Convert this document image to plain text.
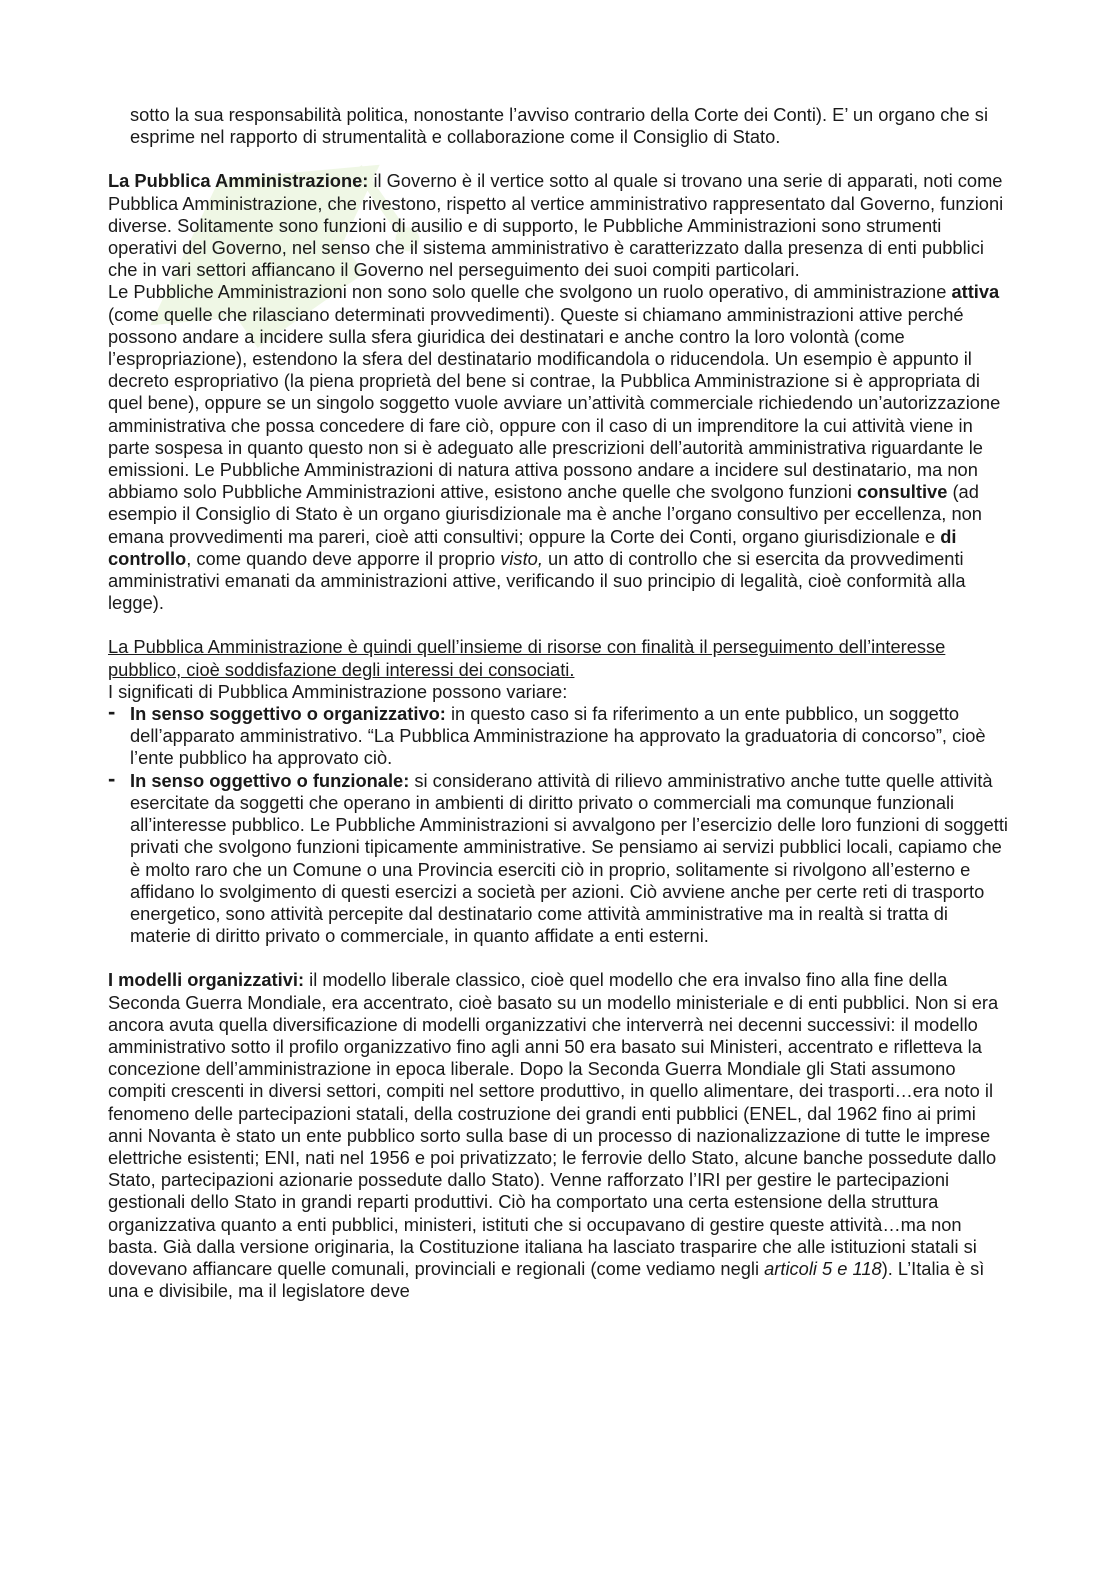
sotto la sua responsabilità politica, nonostante l’avviso contrario della Corte dei Conti). E’ un organo che si esprime nel rapporto di strumentalità e collaborazione come il Consiglio di Stato.

La Pubblica Amministrazione: il Governo è il vertice sotto al quale si trovano una serie di apparati, noti come Pubblica Amministrazione, che rivestono, rispetto al vertice amministrativo rappresentato dal Governo, funzioni diverse. Solitamente sono funzioni di ausilio e di supporto, le Pubbliche Amministrazioni sono strumenti operativi del Governo, nel senso che il sistema amministrativo è caratterizzato dalla presenza di enti pubblici che in vari settori affiancano il Governo nel perseguimento dei suoi compiti particolari.

Le Pubbliche Amministrazioni non sono solo quelle che svolgono un ruolo operativo, di amministrazione attiva (come quelle che rilasciano determinati provvedimenti). Queste si chiamano amministrazioni attive perché possono andare a incidere sulla sfera giuridica dei destinatari e anche contro la loro volontà (come l’espropriazione), estendono la sfera del destinatario modificandola o riducendola. Un esempio è appunto il decreto espropriativo (la piena proprietà del bene si contrae, la Pubblica Amministrazione si è appropriata di quel bene), oppure se un singolo soggetto vuole avviare un’attività commerciale richiedendo un’autorizzazione amministrativa che possa concedere di fare ciò, oppure con il caso di un imprenditore la cui attività viene in parte sospesa in quanto questo non si è adeguato alle prescrizioni dell’autorità amministrativa riguardante le emissioni. Le Pubbliche Amministrazioni di natura attiva possono andare a incidere sul destinatario, ma non abbiamo solo Pubbliche Amministrazioni attive, esistono anche quelle che svolgono funzioni consultive (ad esempio il Consiglio di Stato è un organo giurisdizionale ma è anche l’organo consultivo per eccellenza, non emana provvedimenti ma pareri, cioè atti consultivi; oppure la Corte dei Conti, organo giurisdizionale e di controllo, come quando deve apporre il proprio visto, un atto di controllo che si esercita da provvedimenti amministrativi emanati da amministrazioni attive, verificando il suo principio di legalità, cioè conformità alla legge).

La Pubblica Amministrazione è quindi quell’insieme di risorse con finalità il perseguimento dell’interesse pubblico, cioè soddisfazione degli interessi dei consociati.

I significati di Pubblica Amministrazione possono variare:

- In senso soggettivo o organizzativo: in questo caso si fa riferimento a un ente pubblico, un soggetto dell’apparato amministrativo. “La Pubblica Amministrazione ha approvato la graduatoria di concorso”, cioè l’ente pubblico ha approvato ciò.
- In senso oggettivo o funzionale: si considerano attività di rilievo amministrativo anche tutte quelle attività esercitate da soggetti che operano in ambienti di diritto privato o commerciali ma comunque funzionali all’interesse pubblico. Le Pubbliche Amministrazioni si avvalgono per l’esercizio delle loro funzioni di soggetti privati che svolgono funzioni tipicamente amministrative. Se pensiamo ai servizi pubblici locali, capiamo che è molto raro che un Comune o una Provincia eserciti ciò in proprio, solitamente si rivolgono all’esterno e affidano lo svolgimento di questi esercizi a società per azioni. Ciò avviene anche per certe reti di trasporto energetico, sono attività percepite dal destinatario come attività amministrative ma in realtà si tratta di materie di diritto privato o commerciale, in quanto affidate a enti esterni.

I modelli organizzativi: il modello liberale classico, cioè quel modello che era invalso fino alla fine della Seconda Guerra Mondiale, era accentrato, cioè basato su un modello ministeriale e di enti pubblici. Non si era ancora avuta quella diversificazione di modelli organizzativi che interverrà nei decenni successivi: il modello amministrativo sotto il profilo organizzativo fino agli anni 50 era basato sui Ministeri, accentrato e rifletteva la concezione dell’amministrazione in epoca liberale. Dopo la Seconda Guerra Mondiale gli Stati assumono compiti crescenti in diversi settori, compiti nel settore produttivo, in quello alimentare, dei trasporti…era noto il fenomeno delle partecipazioni statali, della costruzione dei grandi enti pubblici (ENEL, dal 1962 fino ai primi anni Novanta è stato un ente pubblico sorto sulla base di un processo di nazionalizzazione di tutte le imprese elettriche esistenti; ENI, nati nel 1956 e poi privatizzato; le ferrovie dello Stato, alcune banche possedute dallo Stato, partecipazioni azionarie possedute dallo Stato). Venne rafforzato l’IRI per gestire le partecipazioni gestionali dello Stato in grandi reparti produttivi. Ciò ha comportato una certa estensione della struttura organizzativa quanto a enti pubblici, ministeri, istituti che si occupavano di gestire queste attività…ma non basta. Già dalla versione originaria, la Costituzione italiana ha lasciato trasparire che alle istituzioni statali si dovevano affiancare quelle comunali, provinciali e regionali (come vediamo negli articoli 5 e 118). L’Italia è sì una e divisibile, ma il legislatore deve
